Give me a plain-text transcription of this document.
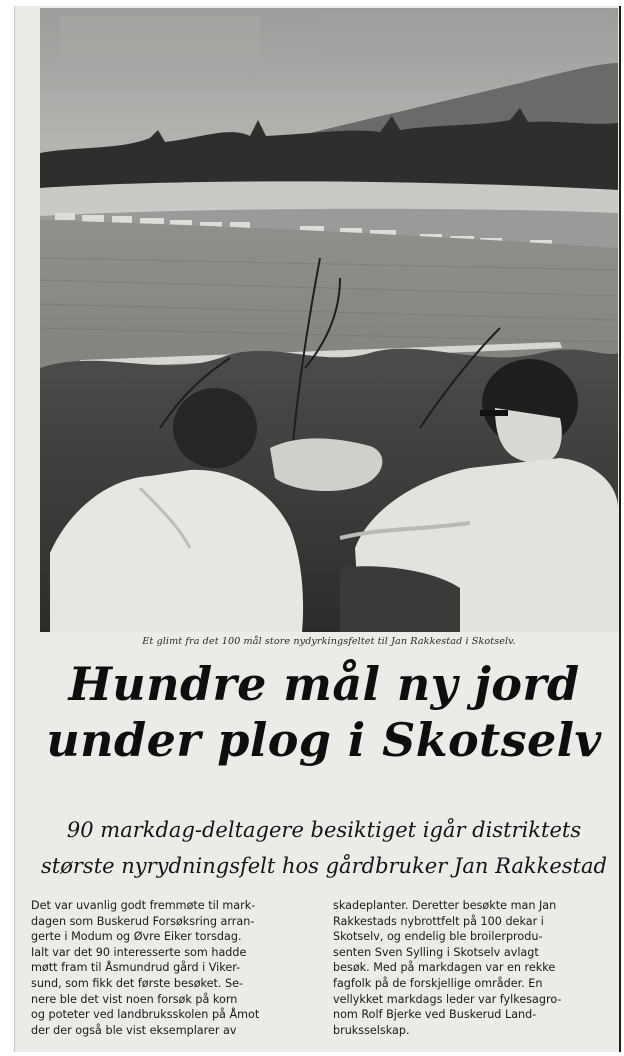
Et glimt fra det 100 mål store nydyrkingsfeltet til Jan Rakkestad i Skotselv.
Hundre mål ny jord
under plog i Skotselv
90 markdag-deltagere besiktiget igår distriktets
største nyrydningsfelt hos gårdbruker Jan Rakkestad
Det var uvanlig godt fremmøte til mark-
dagen som Buskerud Forsøksring arran-
gerte i Modum og Øvre Eiker torsdag.
Ialt var det 90 interesserte som hadde
møtt fram til Åsmundrud gård i Viker-
sund, som fikk det første besøket. Se-
nere ble det vist noen forsøk på korn
og poteter ved landbruksskolen på Åmot
der der også ble vist eksemplarer av
skadeplanter. Deretter besøkte man Jan
Rakkestads nybrottfelt på 100 dekar i
Skotselv, og endelig ble broilerprodu-
senten Sven Sylling i Skotselv avlagt
besøk. Med på markdagen var en rekke
fagfolk på de forskjellige områder. En
vellykket markdags leder var fylkesagro-
nom Rolf Bjerke ved Buskerud Land-
bruksselskap.
